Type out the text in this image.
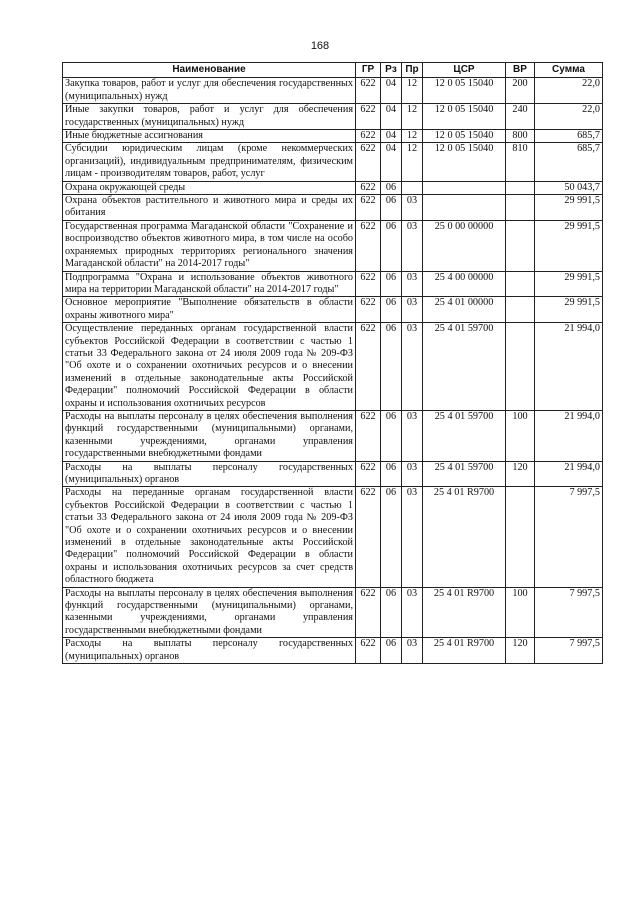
168
Наименование	ГР	Рз	Пр	ЦСР	ВР	Сумма
Закупка товаров, работ и услуг для обеспечения государственных (муниципальных) нужд	622	04	12	12 0 05 15040	200	22,0
Иные закупки товаров, работ и услуг для обеспечения государственных (муниципальных) нужд	622	04	12	12 0 05 15040	240	22,0
Иные бюджетные ассигнования	622	04	12	12 0 05 15040	800	685,7
Субсидии юридическим лицам (кроме некоммерческих организаций), индивидуальным предпринимателям, физическим лицам - производителям товаров, работ, услуг	622	04	12	12 0 05 15040	810	685,7
Охрана окружающей среды	622	06				50 043,7
Охрана объектов растительного и животного мира и среды их обитания	622	06	03			29 991,5
Государственная программа Магаданской области "Сохранение и воспроизводство объектов животного мира, в том числе на особо охраняемых природных территориях регионального значения Магаданской области" на 2014-2017 годы"	622	06	03	25 0 00 00000		29 991,5
Подпрограмма "Охрана и использование объектов животного мира на территории Магаданской области" на 2014-2017 годы"	622	06	03	25 4 00 00000		29 991,5
Основное мероприятие "Выполнение обязательств в области охраны животного мира"	622	06	03	25 4 01 00000		29 991,5
Осуществление переданных органам государственной власти субъектов Российской Федерации в соответствии с частью 1 статьи 33 Федерального закона от 24 июля 2009 года № 209-ФЗ "Об охоте и о сохранении охотничьих ресурсов и о внесении изменений в отдельные законодательные акты Российской Федерации" полномочий Российской Федерации в области охраны и использования охотничьих ресурсов	622	06	03	25 4 01 59700		21 994,0
Расходы на выплаты персоналу в целях обеспечения выполнения функций государственными (муниципальными) органами, казенными учреждениями, органами управления государственными внебюджетными фондами	622	06	03	25 4 01 59700	100	21 994,0
Расходы на выплаты персоналу государственных (муниципальных) органов	622	06	03	25 4 01 59700	120	21 994,0
Расходы на переданные органам государственной власти субъектов Российской Федерации в соответствии с частью 1 статьи 33 Федерального закона от 24 июля 2009 года № 209-ФЗ "Об охоте и о сохранении охотничьих ресурсов и о внесении изменений в отдельные законодательные акты Российской Федерации" полномочий Российской Федерации в области охраны и использования охотничьих ресурсов за счет средств областного бюджета	622	06	03	25 4 01 R9700		7 997,5
Расходы на выплаты персоналу в целях обеспечения выполнения функций государственными (муниципальными) органами, казенными учреждениями, органами управления государственными внебюджетными фондами	622	06	03	25 4 01 R9700	100	7 997,5
Расходы на выплаты персоналу государственных (муниципальных) органов	622	06	03	25 4 01 R9700	120	7 997,5
